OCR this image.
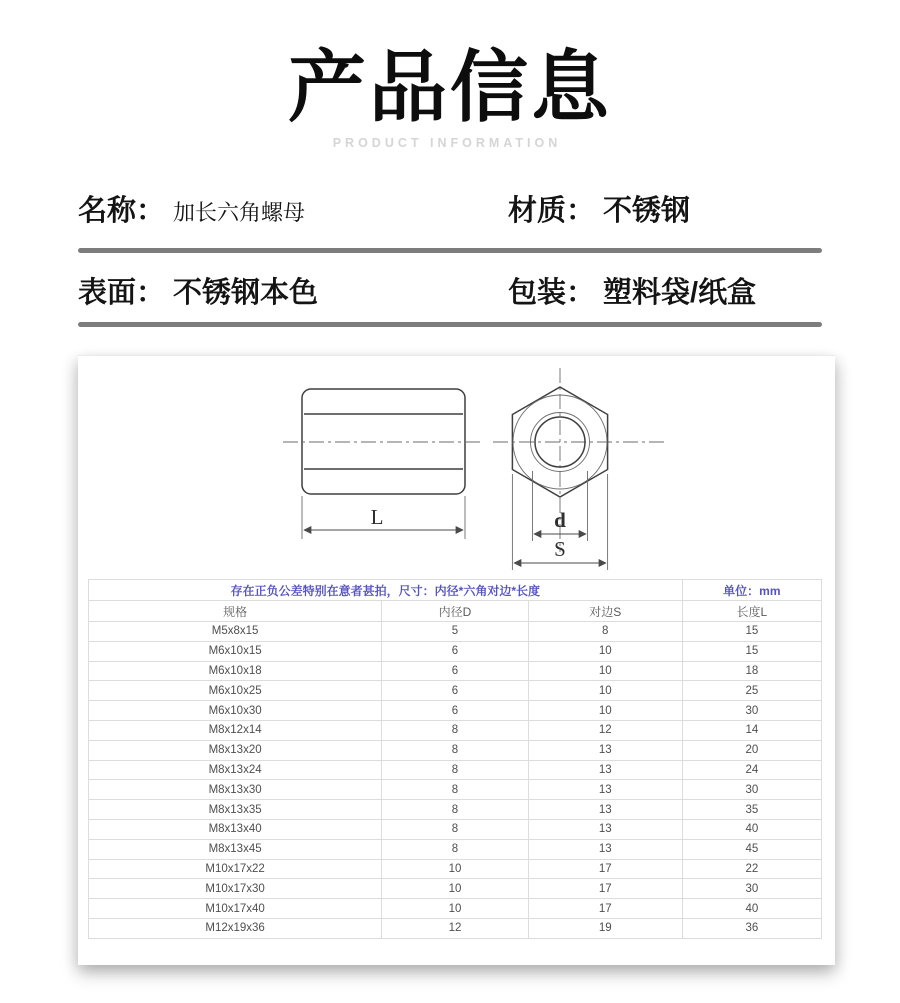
产品信息
PRODUCT INFORMATION
名称： 加长六角螺母	材质： 不锈钢
表面： 不锈钢本色	包装： 塑料袋/纸盒
L	d
S
存在正负公差特别在意者甚拍，尺寸：内径*六角对边*长度			单位：mm
规格	内径D	对边S	长度L
M5x8x15	5	8	15
M6x10x15	6	10	15
M6x10x18	6	10	18
M6x10x25	6	10	25
M6x10x30	6	10	30
M8x12x14	8	12	14
M8x13x20	8	13	20
M8x13x24	8	13	24
M8x13x30	8	13	30
M8x13x35	8	13	35
M8x13x40	8	13	40
M8x13x45	8	13	45
M10x17x22	10	17	22
M10x17x30	10	17	30
M10x17x40	10	17	40
M12x19x36	12	19	36
